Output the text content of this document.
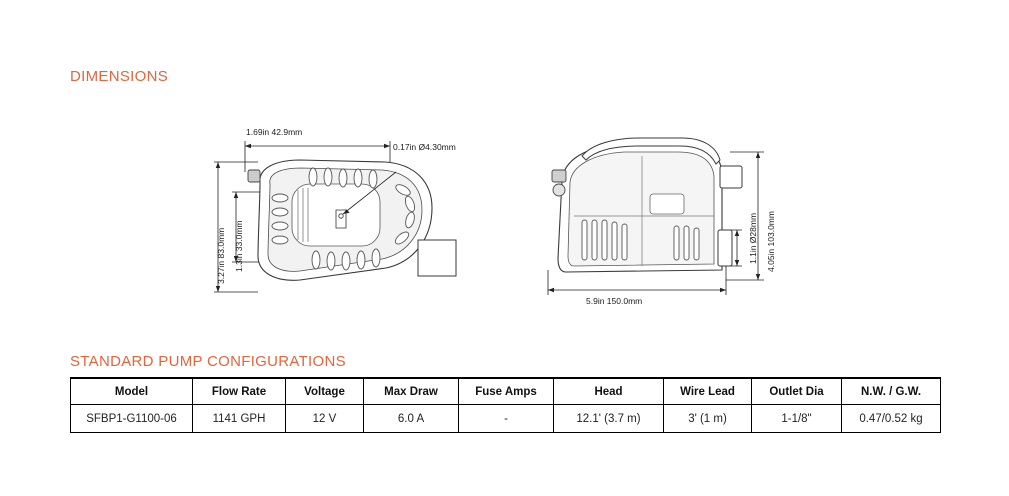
DIMENSIONS
1.69in 42.9mm
0.17in Ø4.30mm
3.27in 83.0mm 1.3in 33.0mm	4.05in 103.0mm
1.1in Ø28mm
5.9in 150.0mm
STANDARD PUMP CONFIGURATIONS
Model	Flow Rate	Voltage	Max Draw	Fuse Amps	Head	Wire Lead	Outlet Dia	N.W. / G.W.
SFBP1-G1100-06	1141 GPH	12 V	6.0 A	-	12.1' (3.7 m)	3' (1 m)	1-1/8"	0.47/0.52 kg
